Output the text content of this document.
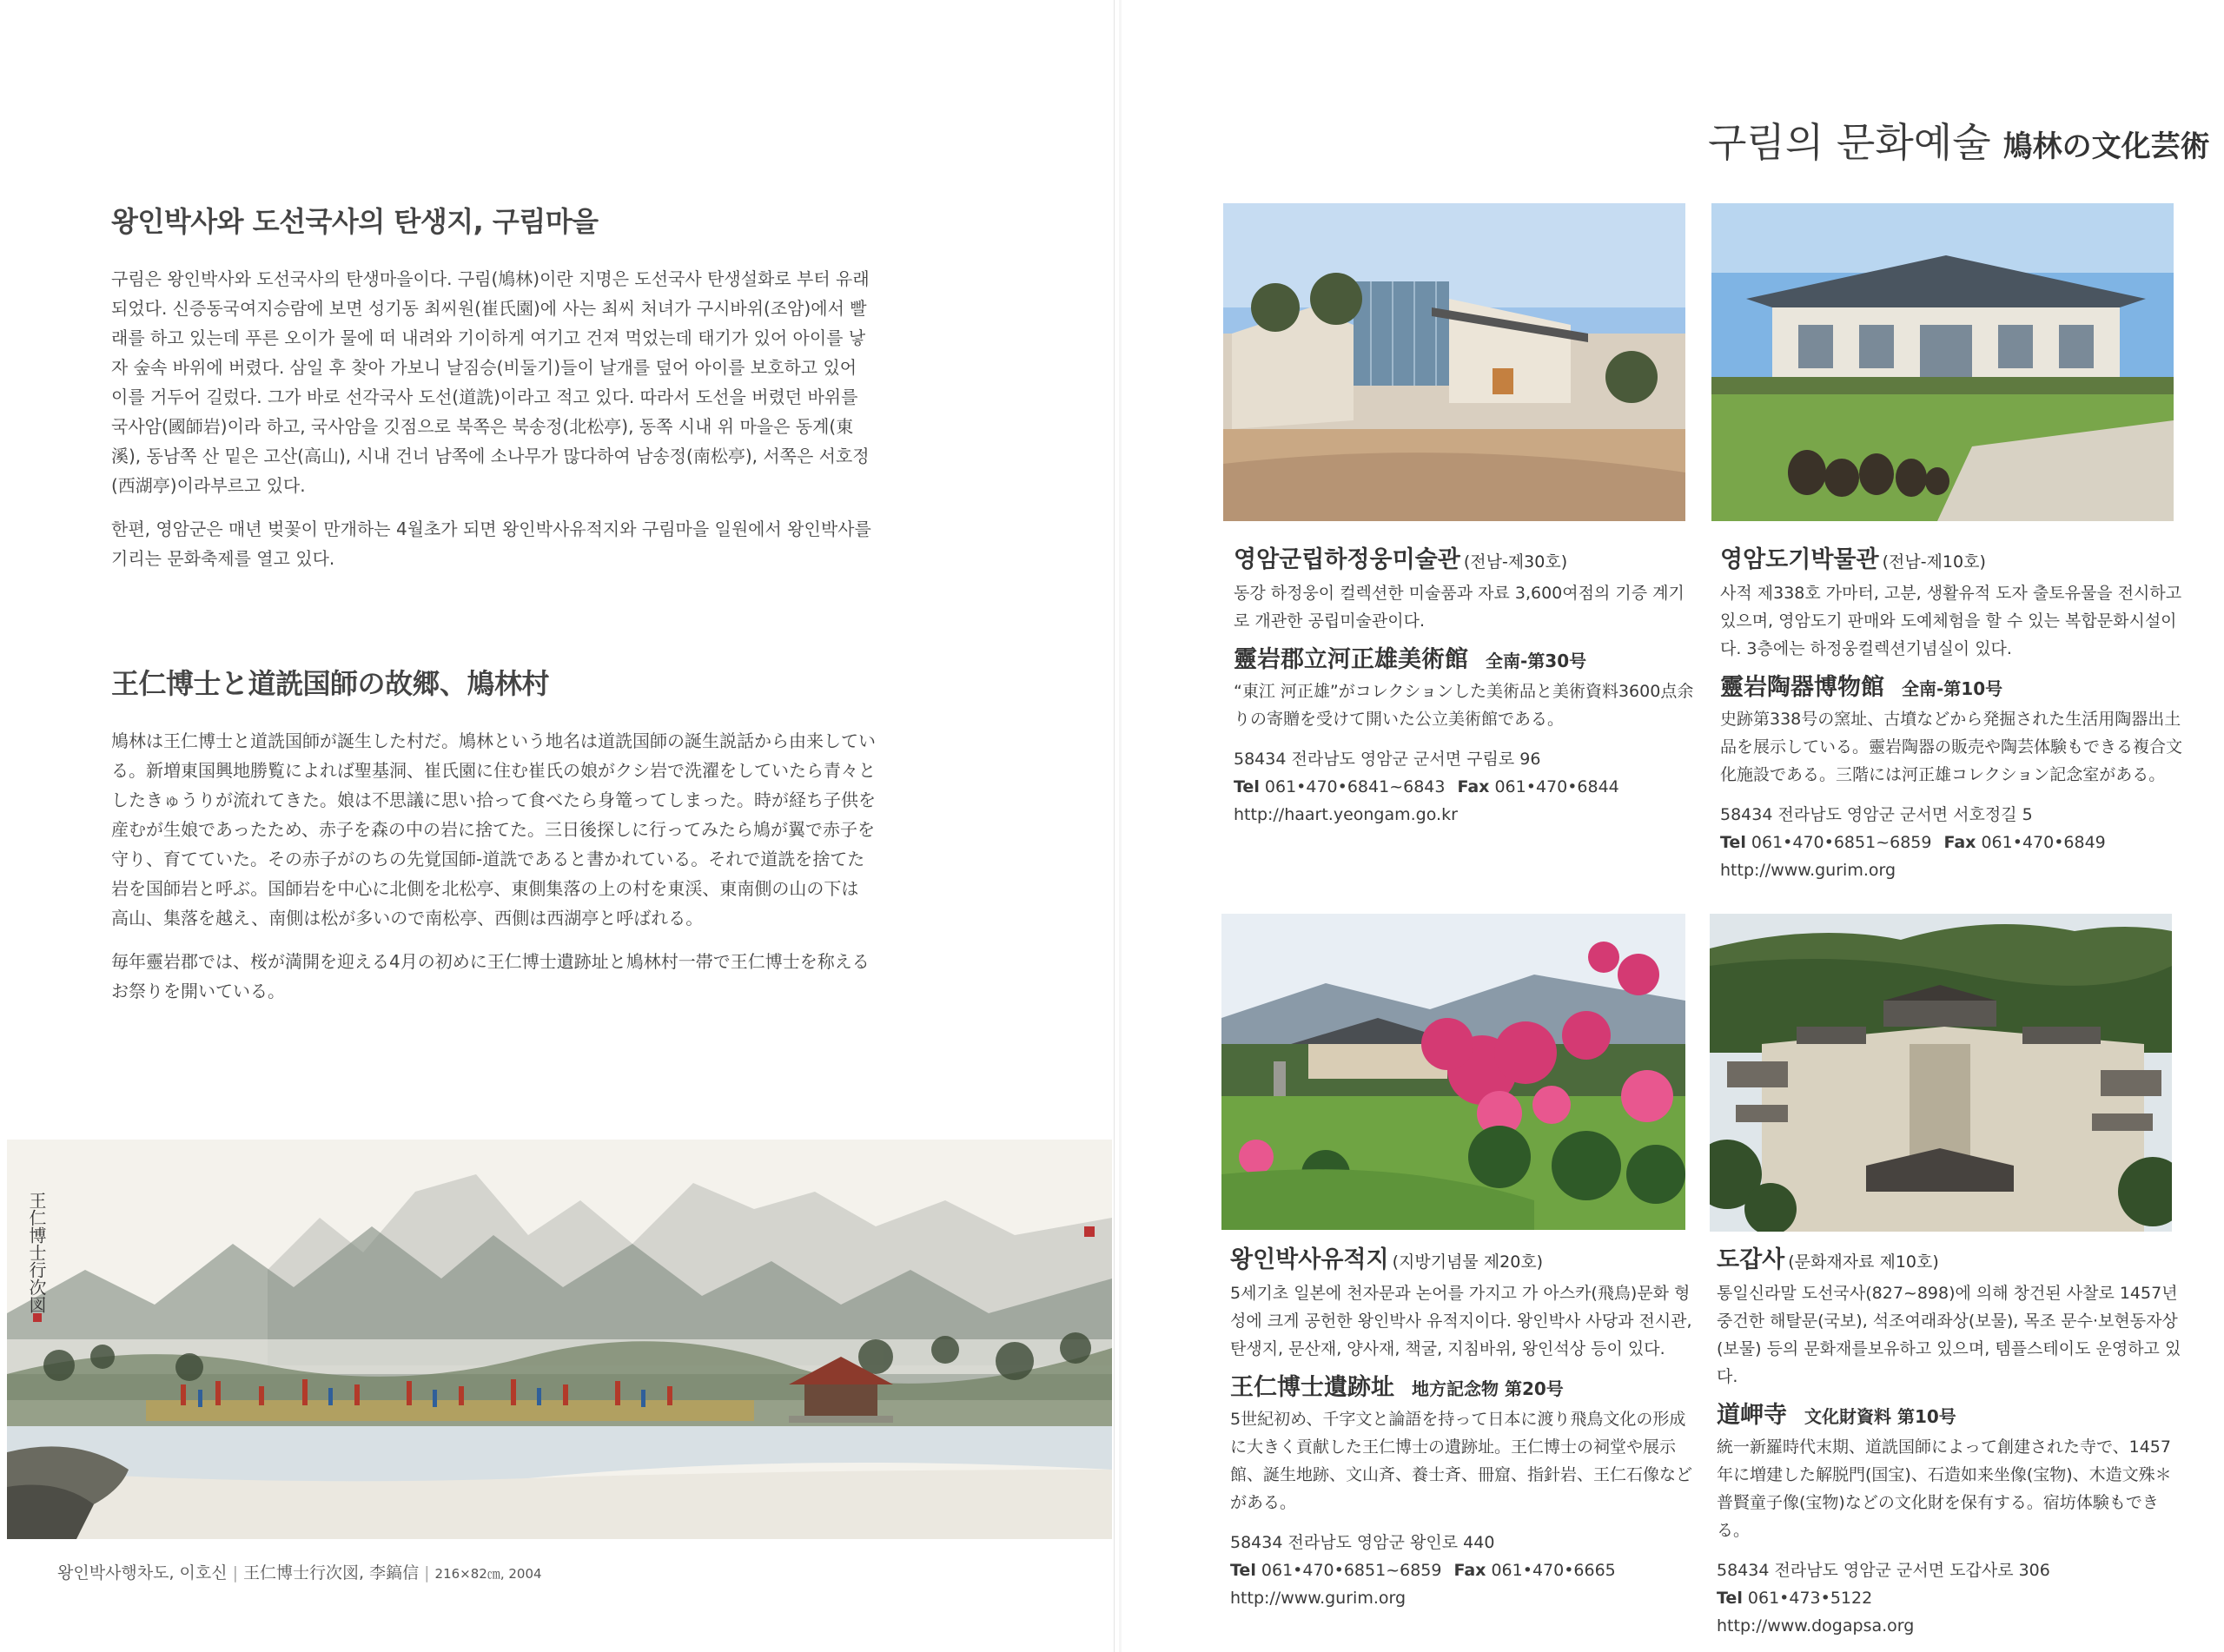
왕인박사와 도선국사의 탄생지, 구림마을

구림은 왕인박사와 도선국사의 탄생마을이다. 구림(鳩林)이란 지명은 도선국사 탄생설화로 부터 유래되었다. 신증동국여지승람에 보면 성기동 최씨원(崔氏園)에 사는 최씨 처녀가 구시바위(조암)에서 빨래를 하고 있는데 푸른 오이가 물에 떠 내려와 기이하게 여기고 건져 먹었는데 태기가 있어 아이를 낳자 숲속 바위에 버렸다. 삼일 후 찾아 가보니 날짐승(비둘기)들이 날개를 덮어 아이를 보호하고 있어 이를 거두어 길렀다. 그가 바로 선각국사 도선(道詵)이라고 적고 있다. 따라서 도선을 버렸던 바위를 국사암(國師岩)이라 하고, 국사암을 깃점으로 북쪽은 북송정(北松亭), 동쪽 시내 위 마을은 동계(東溪), 동남쪽 산 밑은 고산(高山), 시내 건너 남쪽에 소나무가 많다하여 남송정(南松亭), 서쪽은 서호정(西湖亭)이라부르고 있다.

한편, 영암군은 매년 벚꽃이 만개하는 4월초가 되면 왕인박사유적지와 구림마을 일원에서 왕인박사를 기리는 문화축제를 열고 있다.

王仁博士と道詵国師の故郷、鳩林村

鳩林は王仁博士と道詵国師が誕生した村だ。鳩林という地名は道詵国師の誕生説話から由来している。新増東国興地勝覧によれば聖基洞、崔氏園に住む崔氏の娘がクシ岩で洗濯をしていたら青々としたきゅうりが流れてきた。娘は不思議に思い拾って食べたら身篭ってしまった。時が経ち子供を産むが生娘であったため、赤子を森の中の岩に捨てた。三日後探しに行ってみたら鳩が翼で赤子を守り、育てていた。その赤子がのちの先覚国師-道詵であると書かれている。それで道詵を捨てた岩を国師岩と呼ぶ。国師岩を中心に北側を北松亭、東側集落の上の村を東渓、東南側の山の下は高山、集落を越え、南側は松が多いので南松亭、西側は西湖亭と呼ばれる。

毎年靈岩郡では、桜が満開を迎える4月の初めに王仁博士遺跡址と鳩林村一帯で王仁博士を称えるお祭りを開いている。

王仁博士行次図
왕인박사행차도, 이호신 | 王仁博士行次図, 李鎬信 | 216×82㎝, 2004
구림의 문화예술 鳩林の文化芸術
영암군립하정웅미술관 (전남-제30호)
동강 하정웅이 컬렉션한 미술품과 자료 3,600여점의 기증 계기로 개관한 공립미술관이다.
靈岩郡立河正雄美術館 全南-第30号
“東江 河正雄”がコレクションした美術品と美術資料3600点余りの寄贈を受けて開いた公立美術館である。
58434 전라남도 영암군 군서면 구림로 96
Tel 061•470•6841~6843 Fax 061•470•6844
http://haart.yeongam.go.kr
영암도기박물관 (전남-제10호)
사적 제338호 가마터, 고분, 생활유적 도자 출토유물을 전시하고 있으며, 영암도기 판매와 도예체험을 할 수 있는 복합문화시설이다. 3층에는 하정웅컬렉션기념실이 있다.
靈岩陶器博物館 全南-第10号
史跡第338号の窯址、古墳などから発掘された生活用陶器出土品を展示している。靈岩陶器の販売や陶芸体験もできる複合文化施設である。三階には河正雄コレクション記念室がある。
58434 전라남도 영암군 군서면 서호정길 5
Tel 061•470•6851~6859 Fax 061•470•6849
http://www.gurim.org
왕인박사유적지 (지방기념물 제20호)
5세기초 일본에 천자문과 논어를 가지고 가 아스카(飛鳥)문화 형성에 크게 공헌한 왕인박사 유적지이다. 왕인박사 사당과 전시관, 탄생지, 문산재, 양사재, 책굴, 지침바위, 왕인석상 등이 있다.
王仁博士遺跡址 地方記念物 第20号
5世紀初め、千字文と論語を持って日本に渡り飛鳥文化の形成に大きく貢献した王仁博士の遺跡址。王仁博士の祠堂や展示館、誕生地跡、文山斉、養士斉、冊窟、指針岩、王仁石像などがある。
58434 전라남도 영암군 왕인로 440
Tel 061•470•6851~6859 Fax 061•470•6665
http://www.gurim.org
도갑사 (문화재자료 제10호)
통일신라말 도선국사(827~898)에 의해 창건된 사찰로 1457년 중건한 해탈문(국보), 석조여래좌상(보물), 목조 문수·보현동자상(보물) 등의 문화재를보유하고 있으며, 템플스테이도 운영하고 있다.
道岬寺 文化財資料 第10号
統一新羅時代末期、道詵国師によって創建された寺で、1457年に増建した解脱門(国宝)、石造如来坐像(宝物)、木造文殊＊普賢童子像(宝物)などの文化財を保有する。宿坊体験もできる。
58434 전라남도 영암군 군서면 도갑사로 306
Tel 061•473•5122
http://www.dogapsa.org
